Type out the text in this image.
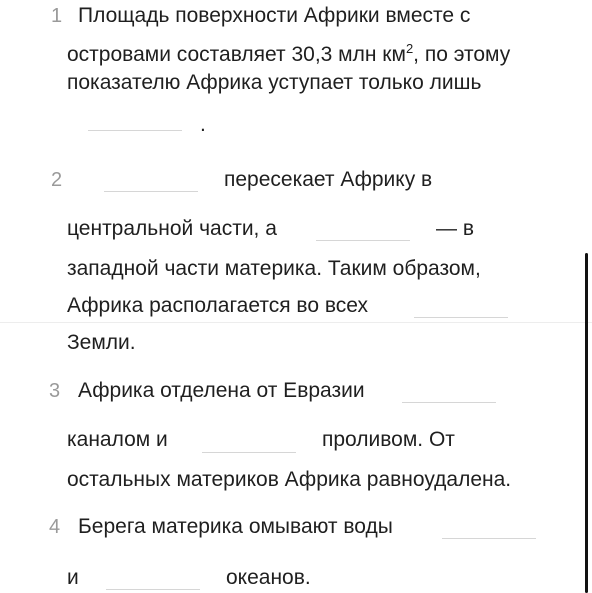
1 Площадь поверхности Африки вместе с
островами составляет 30,3 млн $км^2$, по этому
показателю Африка уступает только лишь
.
2	пересекает Африку в
центральной части, а	— в
западной части материка. Таким образом,
Африка располагается во всех
Земли.
3 Африка отделена от Евразии
каналом и	проливом. От
остальных материков Африка равноудалена.
4 Берега материка омывают воды
и	океанов.
